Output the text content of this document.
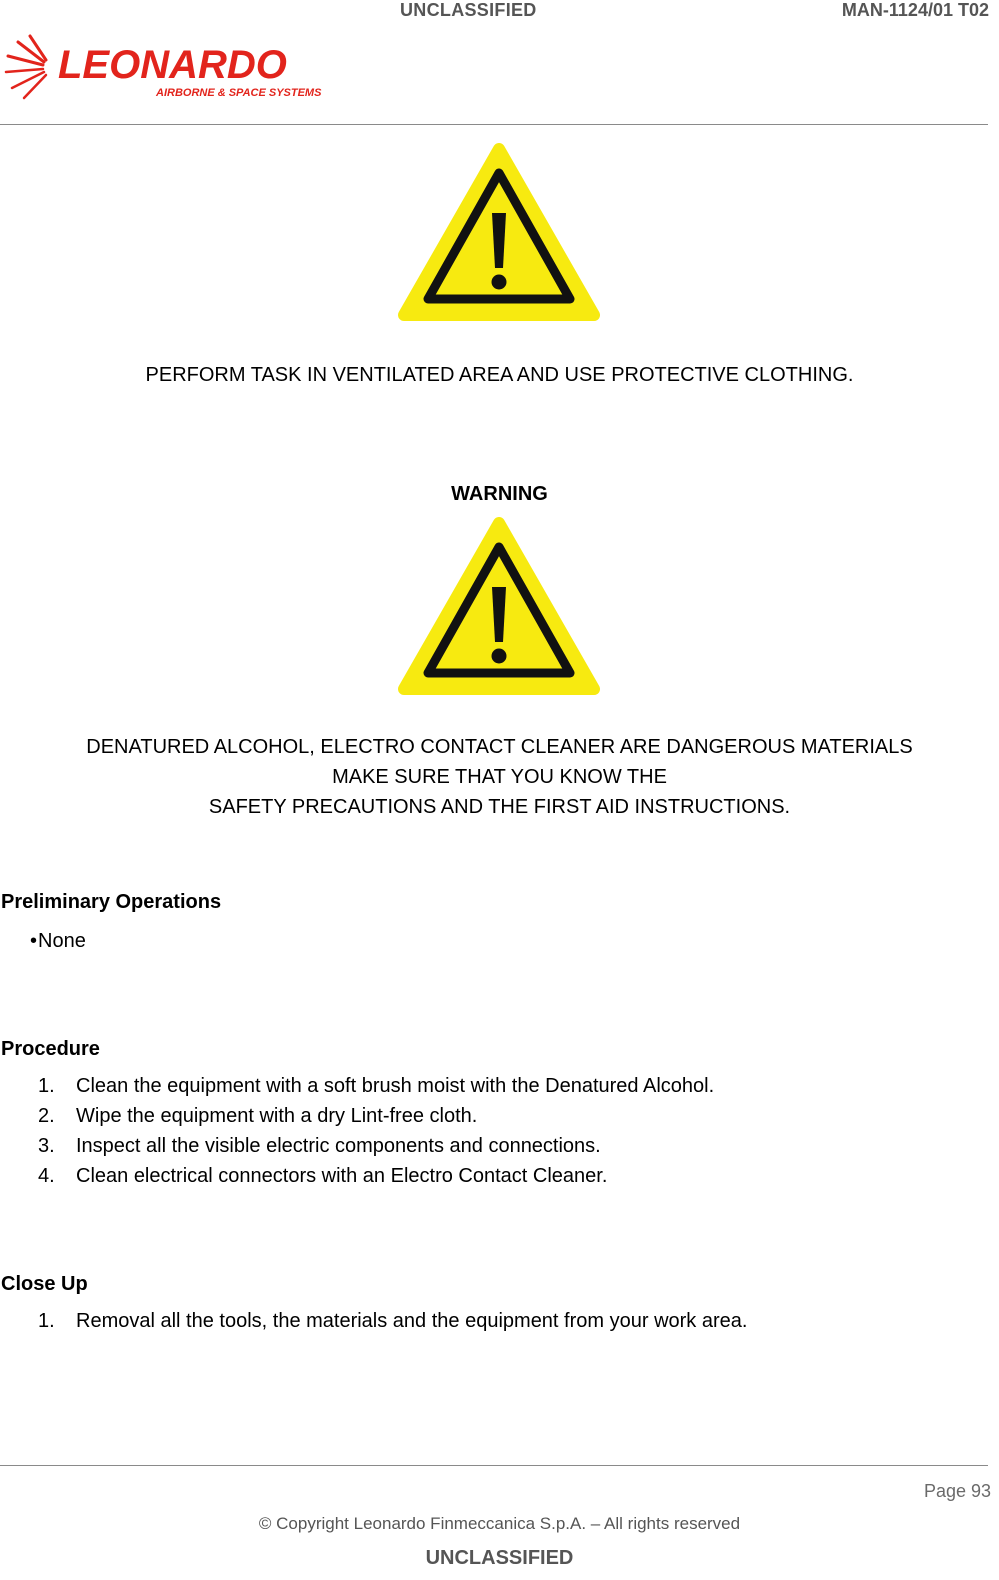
UNCLASSIFIED	MAN-1124/01 T02
LEONARDO
AIRBORNE & SPACE SYSTEMS
PERFORM TASK IN VENTILATED AREA AND USE PROTECTIVE CLOTHING.
WARNING
DENATURED ALCOHOL, ELECTRO CONTACT CLEANER ARE DANGEROUS MATERIALS
MAKE SURE THAT YOU KNOW THE
SAFETY PRECAUTIONS AND THE FIRST AID INSTRUCTIONS.
Preliminary Operations
• None
Procedure
1. Clean the equipment with a soft brush moist with the Denatured Alcohol.
2. Wipe the equipment with a dry Lint-free cloth.
3. Inspect all the visible electric components and connections.
4. Clean electrical connectors with an Electro Contact Cleaner.
Close Up
1. Removal all the tools, the materials and the equipment from your work area.
Page 93
© Copyright Leonardo Finmeccanica S.p.A. – All rights reserved
UNCLASSIFIED
